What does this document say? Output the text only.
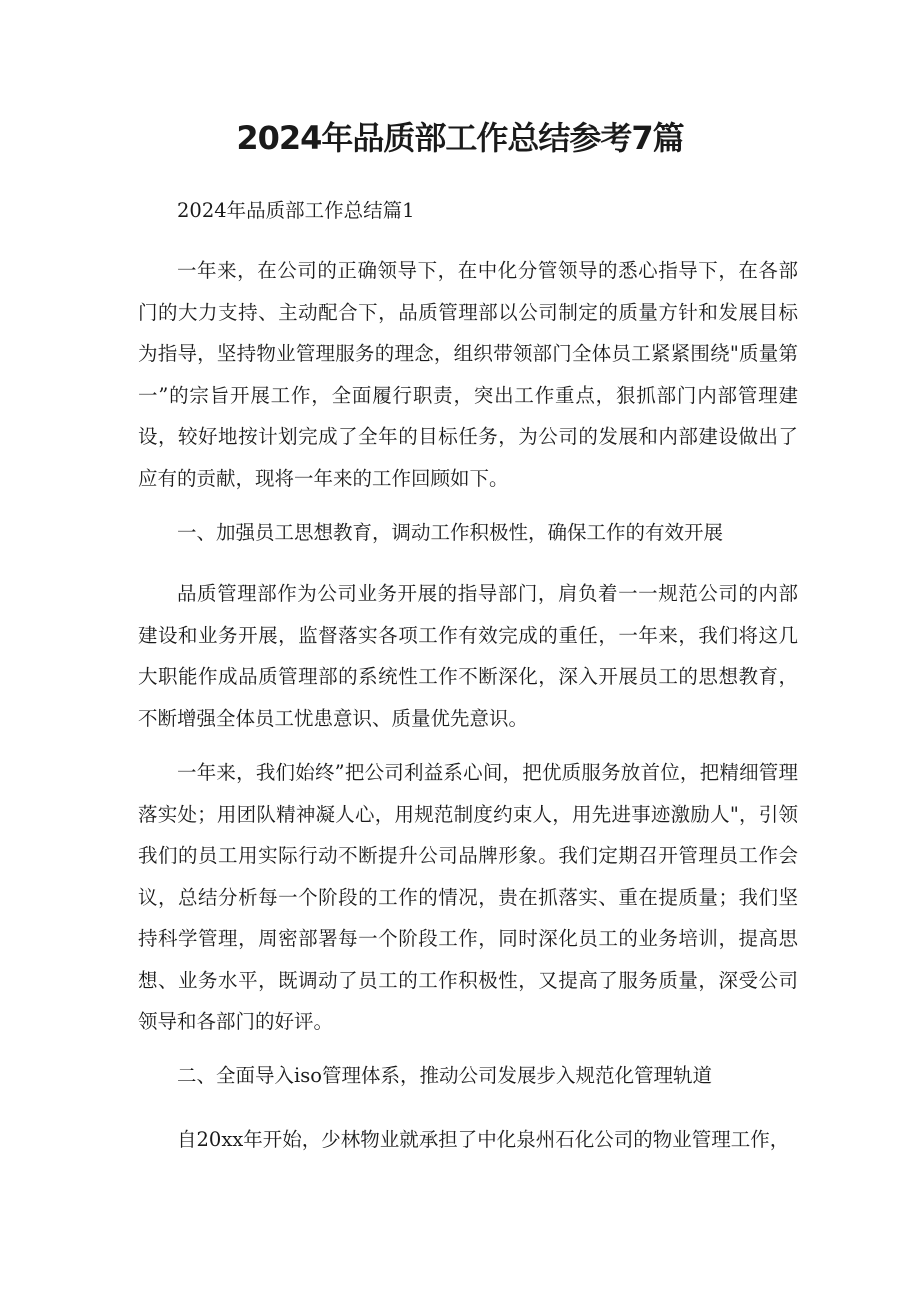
2024年品质部工作总结参考7篇

2024年品质部工作总结篇1

一年来，在公司的正确领导下，在中化分管领导的悉心指导下，在各部门的大力支持、主动配合下，品质管理部以公司制定的质量方针和发展目标为指导，坚持物业管理服务的理念，组织带领部门全体员工紧紧围绕"质量第一”的宗旨开展工作，全面履行职责，突出工作重点，狠抓部门内部管理建设，较好地按计划完成了全年的目标任务，为公司的发展和内部建设做出了应有的贡献，现将一年来的工作回顾如下。

一、加强员工思想教育，调动工作积极性，确保工作的有效开展

品质管理部作为公司业务开展的指导部门，肩负着一一规范公司的内部建设和业务开展，监督落实各项工作有效完成的重任，一年来，我们将这几大职能作成品质管理部的系统性工作不断深化，深入开展员工的思想教育，不断增强全体员工忧患意识、质量优先意识。

一年来，我们始终”把公司利益系心间，把优质服务放首位，把精细管理落实处；用团队精神凝人心，用规范制度约束人，用先进事迹激励人"，引领我们的员工用实际行动不断提升公司品牌形象。我们定期召开管理员工作会议，总结分析每一个阶段的工作的情况，贵在抓落实、重在提质量；我们坚持科学管理，周密部署每一个阶段工作，同时深化员工的业务培训，提高思想、业务水平，既调动了员工的工作积极性，又提高了服务质量，深受公司领导和各部门的好评。

二、全面导入iso管理体系，推动公司发展步入规范化管理轨道

自20xx年开始，少林物业就承担了中化泉州石化公司的物业管理工作，
